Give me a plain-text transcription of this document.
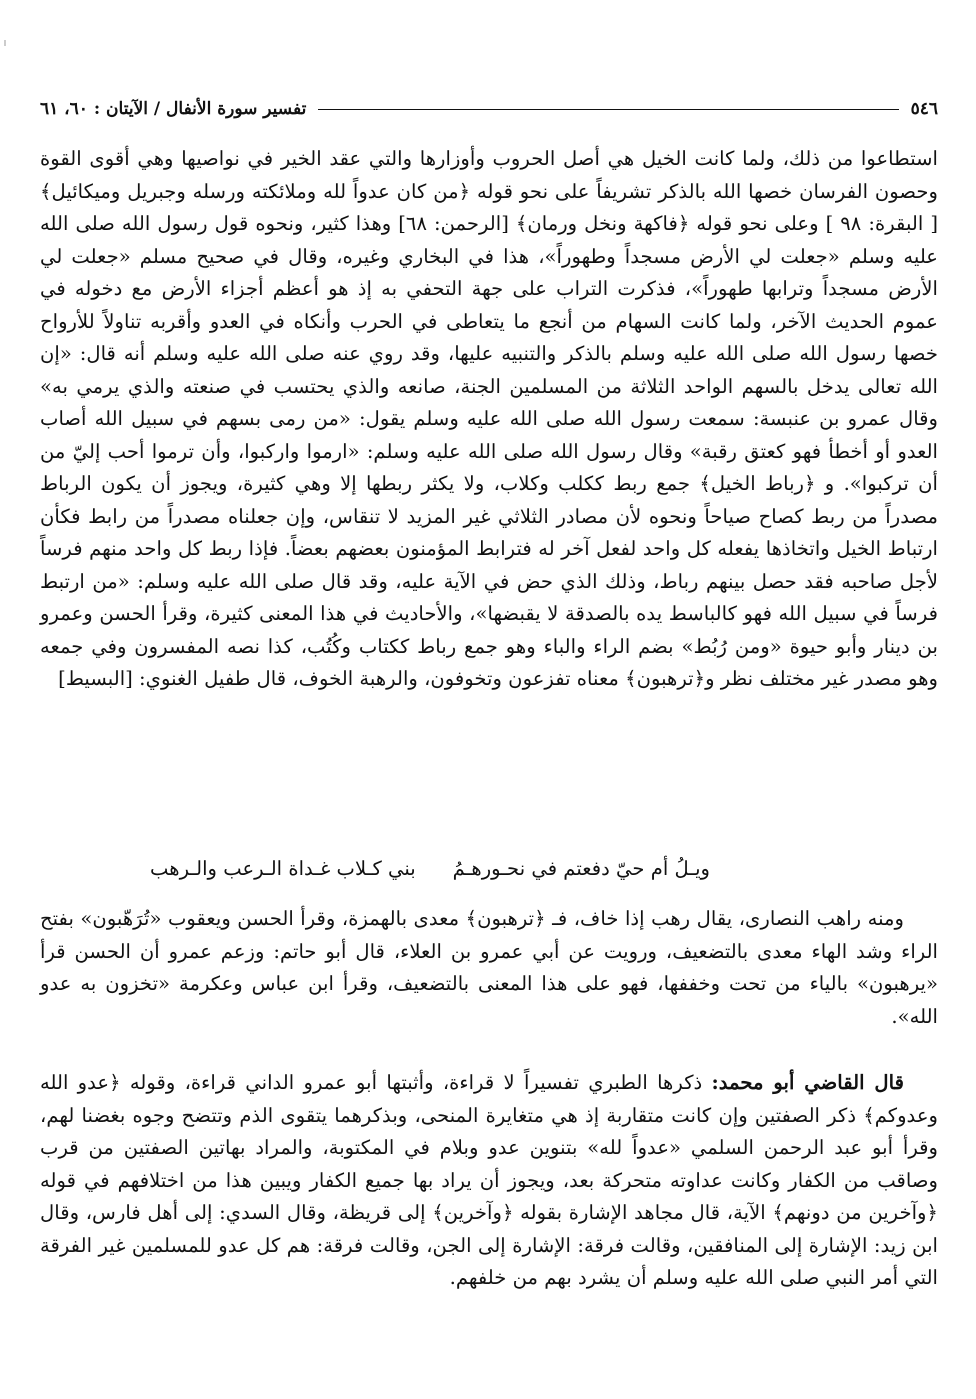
٥٤٦
تفسير سورة الأنفال / الآيتان : ٦٠، ٦١

استطاعوا من ذلك، ولما كانت الخيل هي أصل الحروب وأوزارها والتي عقد الخير في نواصيها وهي أقوى القوة وحصون الفرسان خصها الله بالذكر تشريفاً على نحو قوله ﴿من كان عدواً لله وملائكته ورسله وجبريل وميكائيل﴾ [ البقرة: ٩٨ ] وعلى نحو قوله ﴿فاكهة ونخل ورمان﴾ [الرحمن: ٦٨] وهذا كثير، ونحوه قول رسول الله صلى الله عليه وسلم «جعلت لي الأرض مسجداً وطهوراً»، هذا في البخاري وغيره، وقال في صحيح مسلم «جعلت لي الأرض مسجداً وترابها طهوراً»، فذكرت التراب على جهة التحفي به إذ هو أعظم أجزاء الأرض مع دخوله في عموم الحديث الآخر، ولما كانت السهام من أنجع ما يتعاطى في الحرب وأنكاه في العدو وأقربه تناولاً للأرواح خصها رسول الله صلى الله عليه وسلم بالذكر والتنبيه عليها، وقد روي عنه صلى الله عليه وسلم أنه قال: «إن الله تعالى يدخل بالسهم الواحد الثلاثة من المسلمين الجنة، صانعه والذي يحتسب في صنعته والذي يرمي به» وقال عمرو بن عنبسة: سمعت رسول الله صلى الله عليه وسلم يقول: «من رمى بسهم في سبيل الله أصاب العدو أو أخطأ فهو كعتق رقبة» وقال رسول الله صلى الله عليه وسلم: «ارموا واركبوا، وأن ترموا أحب إليّ من أن تركبوا». و ﴿رباط الخيل﴾ جمع ربط ككلب وكلاب، ولا يكثر ربطها إلا وهي كثيرة، ويجوز أن يكون الرباط مصدراً من ربط كصاح صياحاً ونحوه لأن مصادر الثلاثي غير المزيد لا تنقاس، وإن جعلناه مصدراً من رابط فكأن ارتباط الخيل واتخاذها يفعله كل واحد لفعل آخر له فترابط المؤمنون بعضهم بعضاً. فإذا ربط كل واحد منهم فرساً لأجل صاحبه فقد حصل بينهم رباط، وذلك الذي حض في الآية عليه، وقد قال صلى الله عليه وسلم: «من ارتبط فرساً في سبيل الله فهو كالباسط يده بالصدقة لا يقبضها»، والأحاديث في هذا المعنى كثيرة، وقرأ الحسن وعمرو بن دينار وأبو حيوة «ومن رُبُط» بضم الراء والباء وهو جمع رباط ككتاب وكُتُب، كذا نصه المفسرون وفي جمعه وهو مصدر غير مختلف نظر و﴿ترهبون﴾ معناه تفزعون وتخوفون، والرهبة الخوف، قال طفيل الغنوي: [البسيط]

ويـلُ أم حيّ دفعتم في نحـورهـمُ
بني كـلاب غـداة الـرعب والـرهب

ومنه راهب النصارى، يقال رهب إذا خاف، فـ ﴿ترهبون﴾ معدى بالهمزة، وقرأ الحسن ويعقوب «تُرَهّبون» بفتح الراء وشد الهاء معدى بالتضعيف، ورويت عن أبي عمرو بن العلاء، قال أبو حاتم: وزعم عمرو أن الحسن قرأ «يرهبون» بالياء من تحت وخففها، فهو على هذا المعنى بالتضعيف، وقرأ ابن عباس وعكرمة «تخزون به عدو الله».

قال القاضي أبو محمد: ذكرها الطبري تفسيراً لا قراءة، وأثبتها أبو عمرو الداني قراءة، وقوله ﴿عدو الله وعدوكم﴾ ذكر الصفتين وإن كانت متقاربة إذ هي متغايرة المنحى، وبذكرهما يتقوى الذم وتتضح وجوه بغضنا لهم، وقرأ أبو عبد الرحمن السلمي «عدواً لله» بتنوين عدو وبلام في المكتوبة، والمراد بهاتين الصفتين من قرب وصاقب من الكفار وكانت عداوته متحركة بعد، ويجوز أن يراد بها جميع الكفار ويبين هذا من اختلافهم في قوله ﴿وآخرين من دونهم﴾ الآية، قال مجاهد الإشارة بقوله ﴿وآخرين﴾ إلى قريظة، وقال السدي: إلى أهل فارس، وقال ابن زيد: الإشارة إلى المنافقين، وقالت فرقة: الإشارة إلى الجن، وقالت فرقة: هم كل عدو للمسلمين غير الفرقة التي أمر النبي صلى الله عليه وسلم أن يشرد بهم من خلفهم.
